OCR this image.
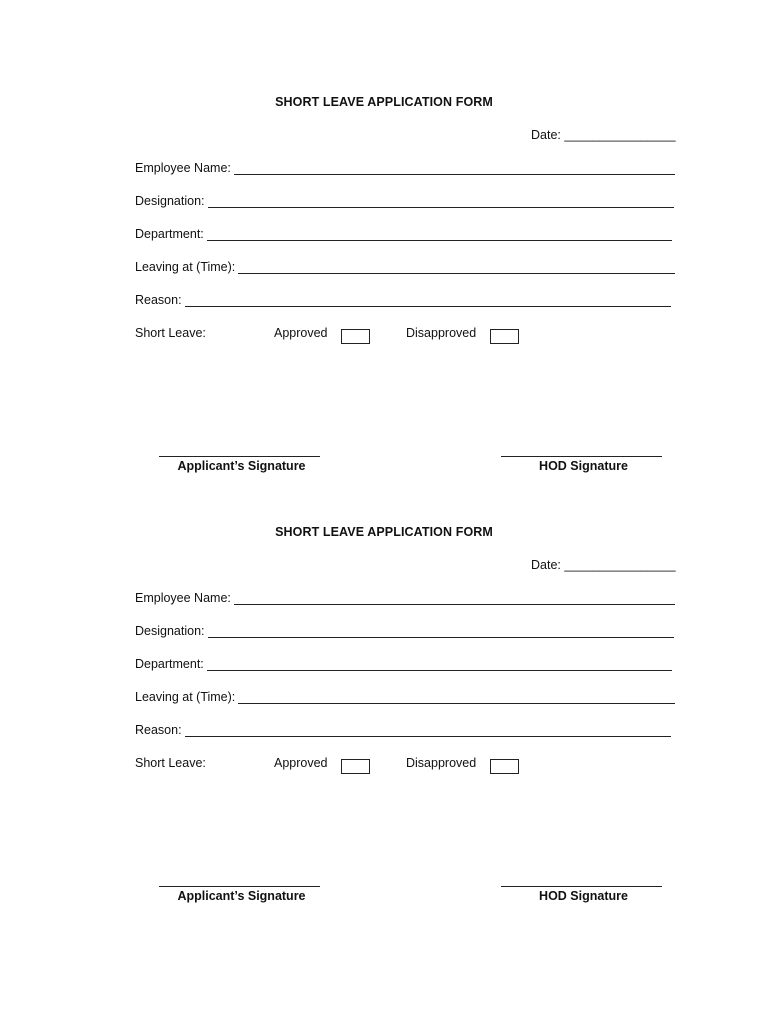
SHORT LEAVE APPLICATION FORM
Date: ________________
Employee Name:
Designation:
Department:
Leaving at (Time):
Reason:
Short Leave:	Approved	Disapproved
Applicant’s Signature	HOD Signature
SHORT LEAVE APPLICATION FORM
Date: ________________
Employee Name:
Designation:
Department:
Leaving at (Time):
Reason:
Short Leave:	Approved	Disapproved
Applicant’s Signature	HOD Signature
